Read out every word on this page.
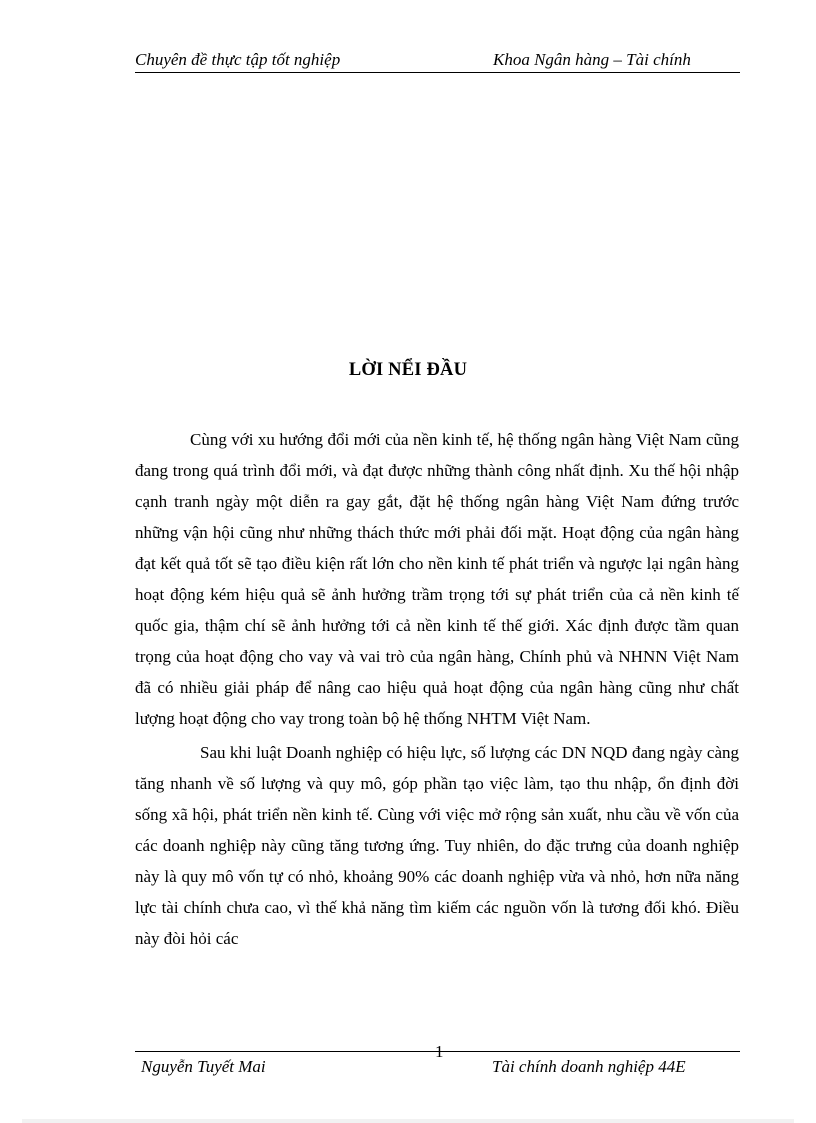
Chuyên đề thực tập tốt nghiệp	Khoa Ngân hàng – Tài chính
LỜI NỂI ĐẦU

Cùng với xu hướng đổi mới của nền kinh tế, hệ thống ngân hàng Việt Nam cũng đang trong quá trình đổi mới, và đạt được những thành công nhất định. Xu thế hội nhập cạnh tranh ngày một diễn ra gay gắt, đặt hệ thống ngân hàng Việt Nam đứng trước những vận hội cũng như những thách thức mới phải đối mặt. Hoạt động của ngân hàng đạt kết quả tốt sẽ tạo điều kiện rất lớn cho nền kinh tế phát triển và ngược lại ngân hàng hoạt động kém hiệu quả sẽ ảnh hưởng trầm trọng tới sự phát triển của cả nền kinh tế quốc gia, thậm chí sẽ ảnh hưởng tới cả nền kinh tế thế giới. Xác định được tầm quan trọng của hoạt động cho vay và vai trò của ngân hàng, Chính phủ và NHNN Việt Nam đã có nhiều giải pháp để nâng cao hiệu quả hoạt động của ngân hàng cũng như chất lượng hoạt động cho vay trong toàn bộ hệ thống NHTM Việt Nam.

Sau khi luật Doanh nghiệp có hiệu lực, số lượng các DN NQD đang ngày càng tăng nhanh về số lượng và quy mô, góp phần tạo việc làm, tạo thu nhập, ổn định đời sống xã hội, phát triển nền kinh tế. Cùng với việc mở rộng sản xuất, nhu cầu về vốn của các doanh nghiệp này cũng tăng tương ứng. Tuy nhiên, do đặc trưng của doanh nghiệp này là quy mô vốn tự có nhỏ, khoảng 90% các doanh nghiệp vừa và nhỏ, hơn nữa năng lực tài chính chưa cao, vì thế khả năng tìm kiếm các nguồn vốn là tương đối khó. Điều này đòi hỏi các

Nguyễn Tuyết Mai
1
Tài chính doanh nghiệp 44E
